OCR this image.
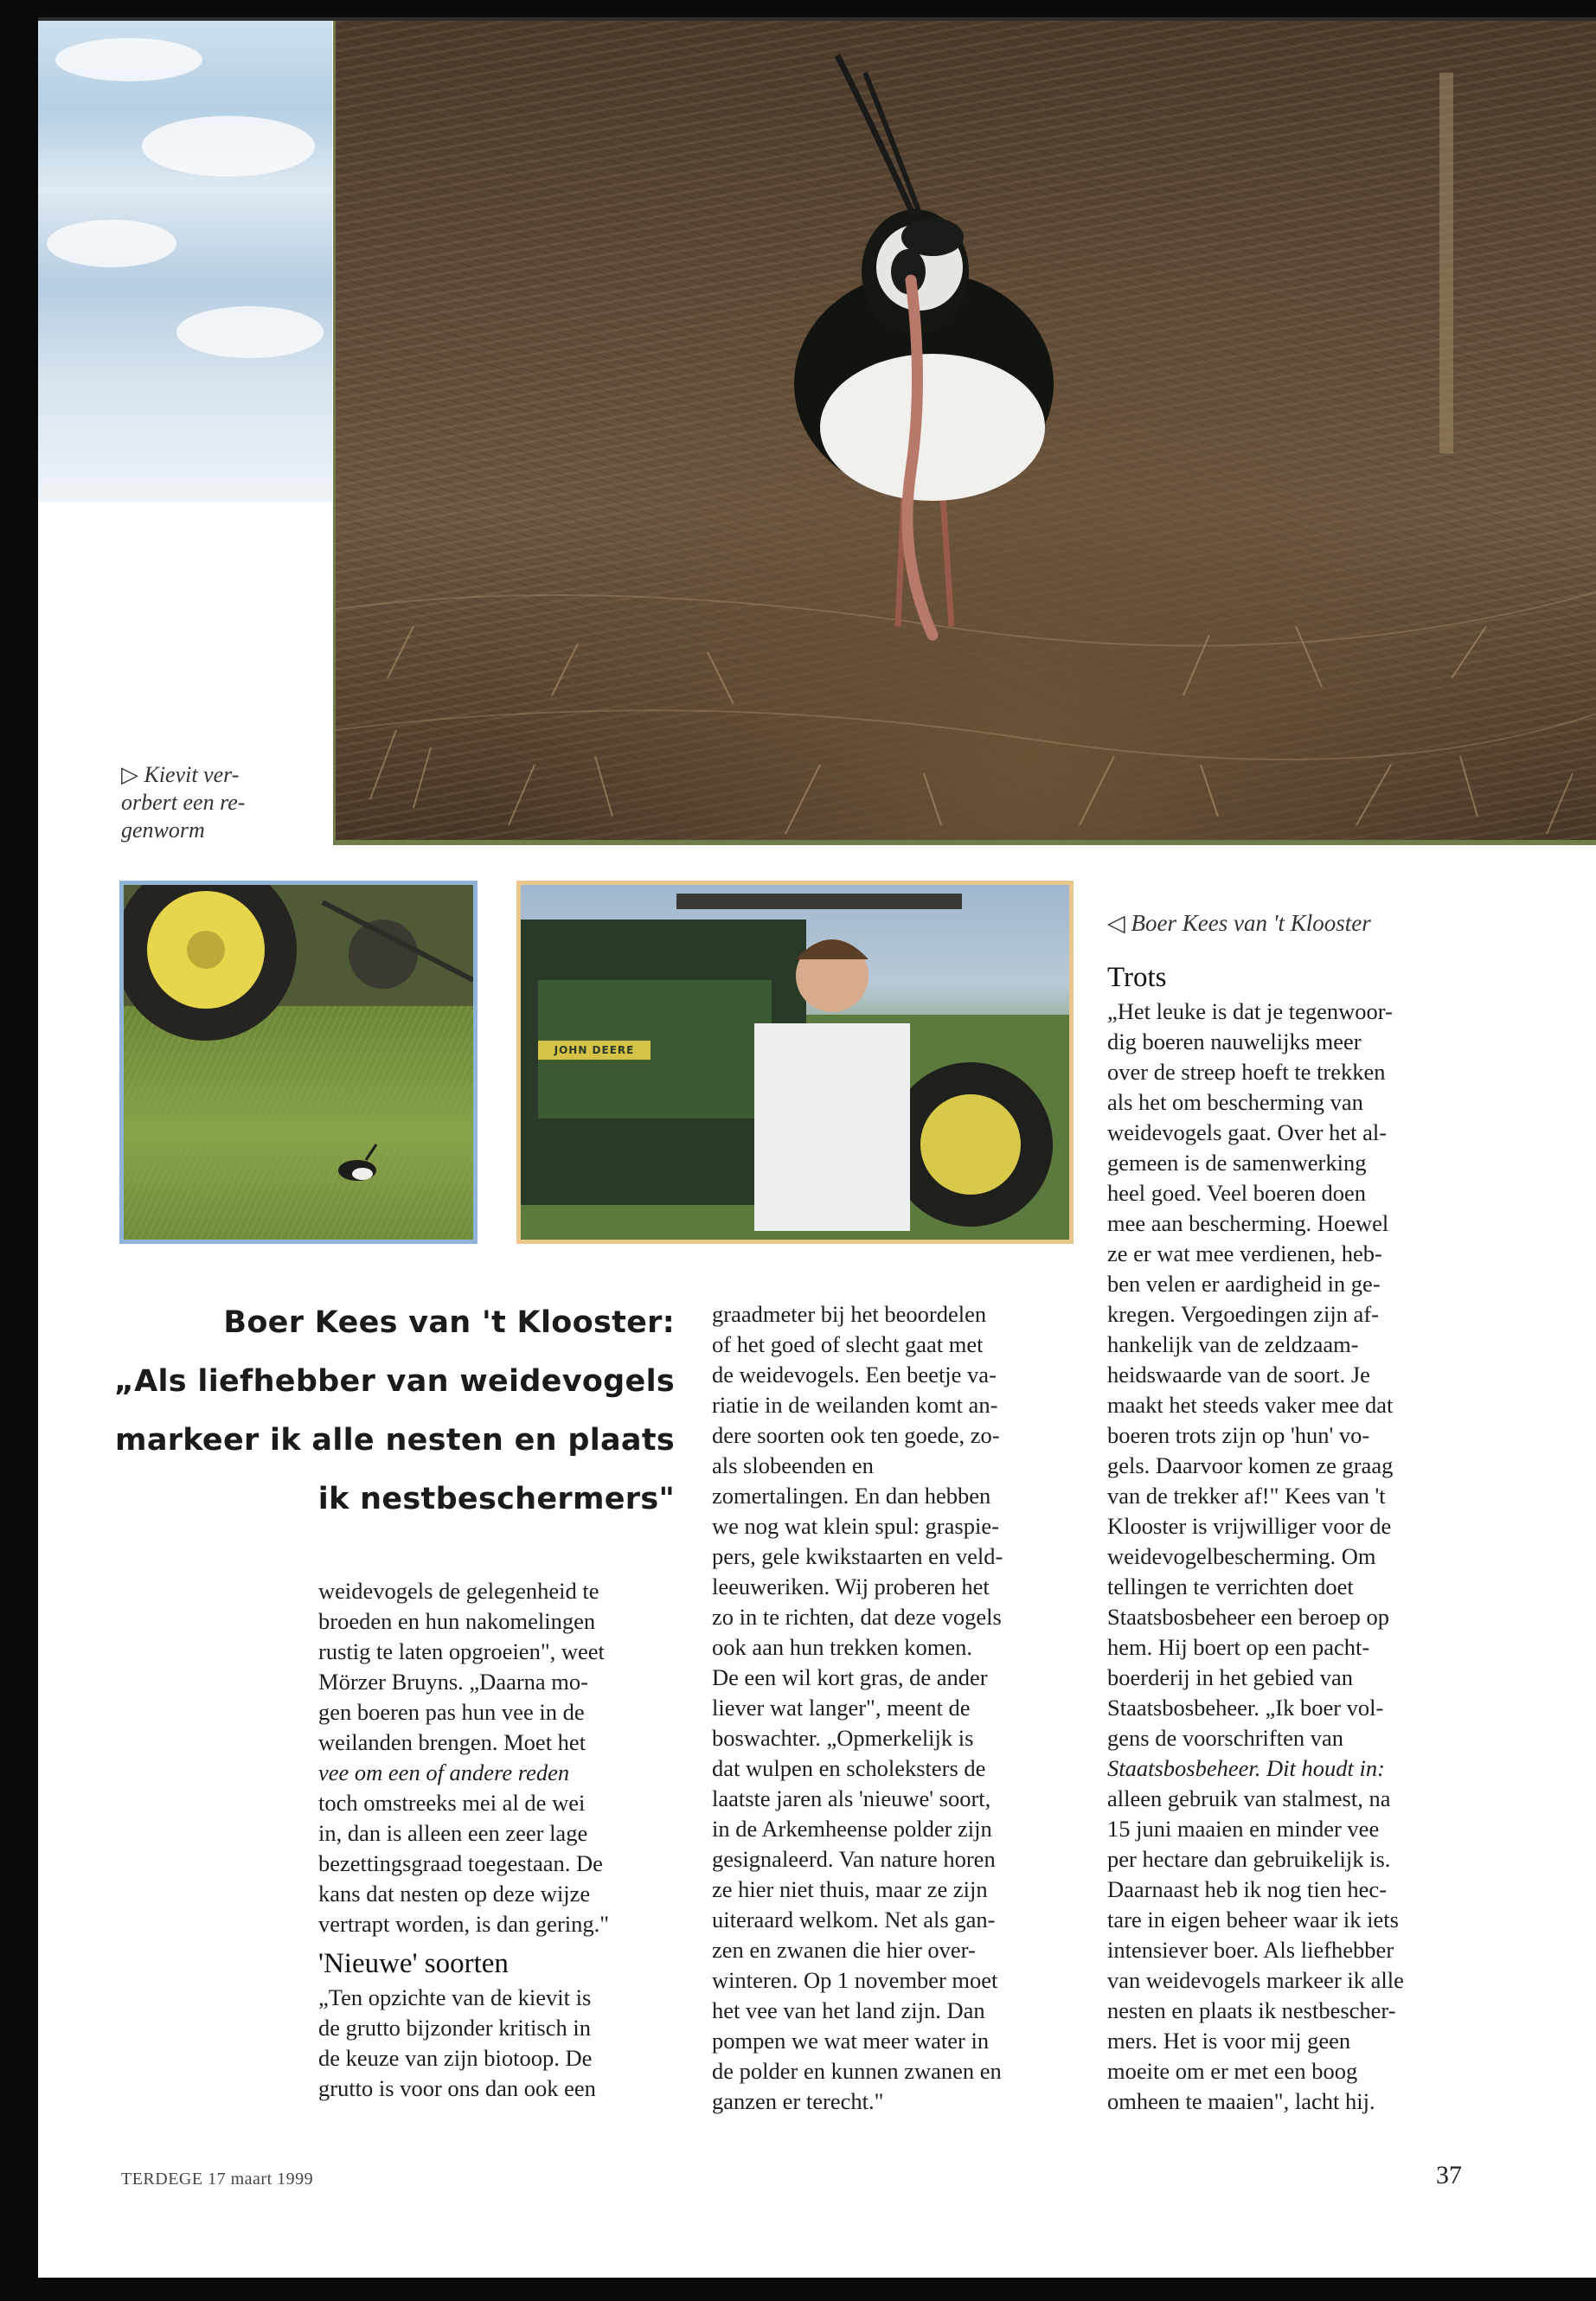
▷ Kievit ver-
orbert een re-
genworm
JOHN DEERE
◁ Boer Kees van 't Klooster
Boer Kees van 't Klooster:
„Als liefhebber van weidevogels
markeer ik alle nesten en plaats
ik nestbeschermers"

weidevogels de gelegenheid te
broeden en hun nakomelingen
rustig te laten opgroeien", weet
Mörzer Bruyns. „Daarna mo-
gen boeren pas hun vee in de
weilanden brengen. Moet het
vee om een of andere reden
toch omstreeks mei al de wei
in, dan is alleen een zeer lage
bezettingsgraad toegestaan. De
kans dat nesten op deze wijze
vertrapt worden, is dan gering."

'Nieuwe' soorten

„Ten opzichte van de kievit is
de grutto bijzonder kritisch in
de keuze van zijn biotoop. De
grutto is voor ons dan ook een

graadmeter bij het beoordelen
of het goed of slecht gaat met
de weidevogels. Een beetje va-
riatie in de weilanden komt an-
dere soorten ook ten goede, zo-
als slobeenden en
zomertalingen. En dan hebben
we nog wat klein spul: graspie-
pers, gele kwikstaarten en veld-
leeuweriken. Wij proberen het
zo in te richten, dat deze vogels
ook aan hun trekken komen.
De een wil kort gras, de ander
liever wat langer", meent de
boswachter. „Opmerkelijk is
dat wulpen en scholeksters de
laatste jaren als 'nieuwe' soort,
in de Arkemheense polder zijn
gesignaleerd. Van nature horen
ze hier niet thuis, maar ze zijn
uiteraard welkom. Net als gan-
zen en zwanen die hier over-
winteren. Op 1 november moet
het vee van het land zijn. Dan
pompen we wat meer water in
de polder en kunnen zwanen en
ganzen er terecht."

Trots

„Het leuke is dat je tegenwoor-
dig boeren nauwelijks meer
over de streep hoeft te trekken
als het om bescherming van
weidevogels gaat. Over het al-
gemeen is de samenwerking
heel goed. Veel boeren doen
mee aan bescherming. Hoewel
ze er wat mee verdienen, heb-
ben velen er aardigheid in ge-
kregen. Vergoedingen zijn af-
hankelijk van de zeldzaam-
heidswaarde van de soort. Je
maakt het steeds vaker mee dat
boeren trots zijn op 'hun' vo-
gels. Daarvoor komen ze graag
van de trekker af!" Kees van 't
Klooster is vrijwilliger voor de
weidevogelbescherming. Om
tellingen te verrichten doet
Staatsbosbeheer een beroep op
hem. Hij boert op een pacht-
boerderij in het gebied van
Staatsbosbeheer. „Ik boer vol-
gens de voorschriften van
Staatsbosbeheer. Dit houdt in:
alleen gebruik van stalmest, na
15 juni maaien en minder vee
per hectare dan gebruikelijk is.
Daarnaast heb ik nog tien hec-
tare in eigen beheer waar ik iets
intensiever boer. Als liefhebber
van weidevogels markeer ik alle
nesten en plaats ik nestbescher-
mers. Het is voor mij geen
moeite om er met een boog
omheen te maaien", lacht hij.

TERDEGE 17 maart 1999	37
